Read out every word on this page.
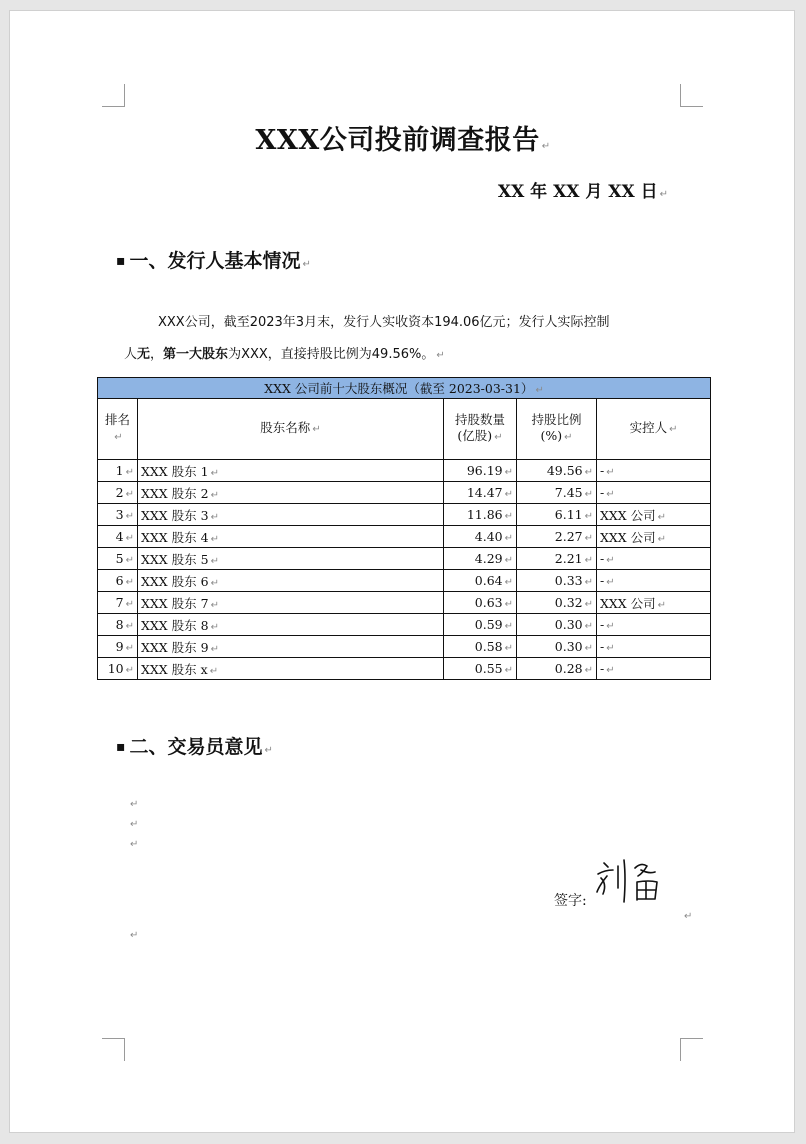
XXX公司投前调查报告 ↵
XX 年 XX 月 XX 日 ↵
▪ 一、发行人基本情况 ↵
XXX公司，截至2023年3月末，发行人实收资本194.06亿元；发行人实际控制
人无，第一大股东为XXX，直接持股比例为49.56%。 ↵
XXX 公司前十大股东概况（截至 2023-03-31） ↵				
排名↵	股东名称 ↵	持股数量(亿股) ↵	持股比例(%) ↵	实控人 ↵
1 ↵	XXX 股东 1 ↵	96.19 ↵	49.56 ↵	- ↵
2 ↵	XXX 股东 2 ↵	14.47 ↵	7.45 ↵	- ↵
3 ↵	XXX 股东 3 ↵	11.86 ↵	6.11 ↵	XXX 公司 ↵
4 ↵	XXX 股东 4 ↵	4.40 ↵	2.27 ↵	XXX 公司 ↵
5 ↵	XXX 股东 5 ↵	4.29 ↵	2.21 ↵	- ↵
6 ↵	XXX 股东 6 ↵	0.64 ↵	0.33 ↵	- ↵
7 ↵	XXX 股东 7 ↵	0.63 ↵	0.32 ↵	XXX 公司 ↵
8 ↵	XXX 股东 8 ↵	0.59 ↵	0.30 ↵	- ↵
9 ↵	XXX 股东 9 ↵	0.58 ↵	0.30 ↵	- ↵
10 ↵	XXX 股东 x ↵	0.55 ↵	0.28 ↵	- ↵
▪ 二、交易员意见 ↵
↵
↵
↵
签字:
↵
↵
